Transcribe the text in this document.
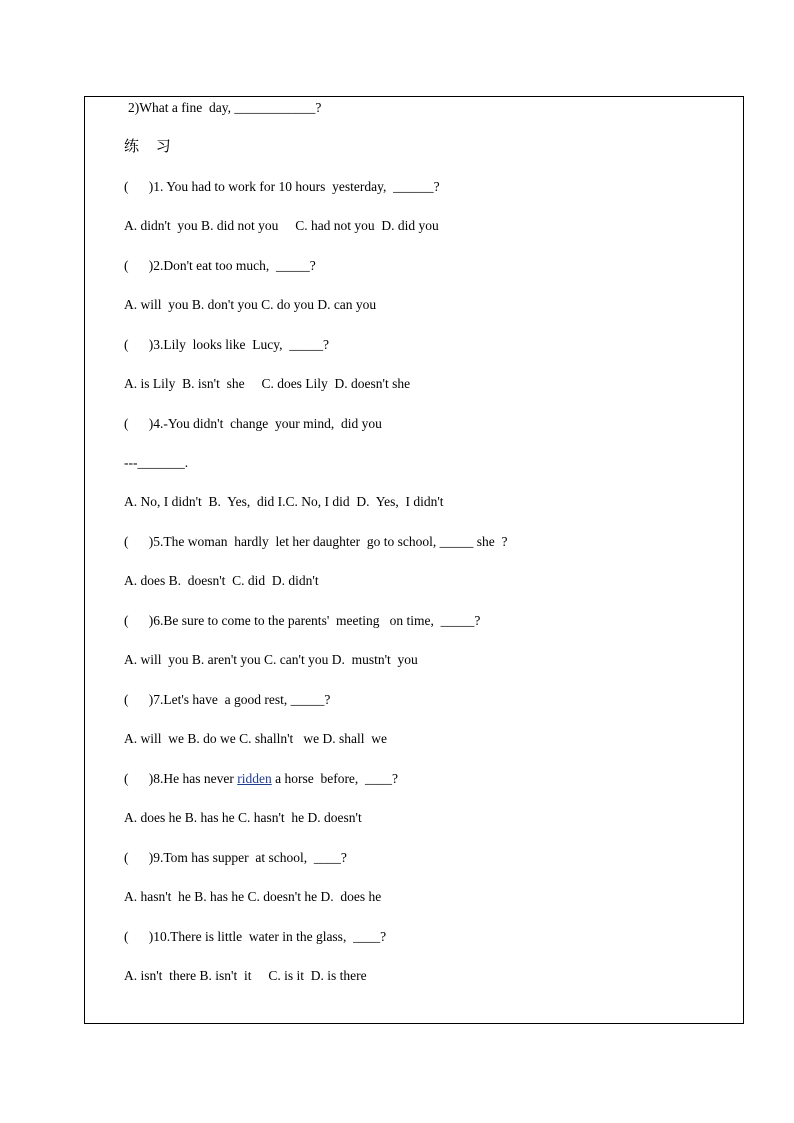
2)What a fine  day, ____________?
练 习
(      )1. You had to work for 10 hours  yesterday,  ______?
A. didn't  you B. did not you     C. had not you  D. did you
(      )2.Don't eat too much,  _____?
A. will  you B. don't you C. do you D. can you
(      )3.Lily  looks like  Lucy,  _____?
A. is Lily  B. isn't  she     C. does Lily  D. doesn't she
(      )4.-You didn't  change  your mind,  did you
---_______.
A. No, I didn't  B.  Yes,  did I.C. No, I did  D.  Yes,  I didn't
(      )5.The woman  hardly  let her daughter  go to school, _____ she  ?
A. does B.  doesn't  C. did  D. didn't
(      )6.Be sure to come to the parents'  meeting   on time,  _____?
A. will  you B. aren't you C. can't you D.  mustn't  you
(      )7.Let's have  a good rest, _____?
A. will  we B. do we C. shalln't   we D. shall  we
(      )8.He has never ridden a horse  before,  ____?
A. does he B. has he C. hasn't  he D. doesn't
(      )9.Tom has supper  at school,  ____?
A. hasn't  he B. has he C. doesn't he D.  does he
(      )10.There is little  water in the glass,  ____?
A. isn't  there B. isn't  it     C. is it  D. is there
